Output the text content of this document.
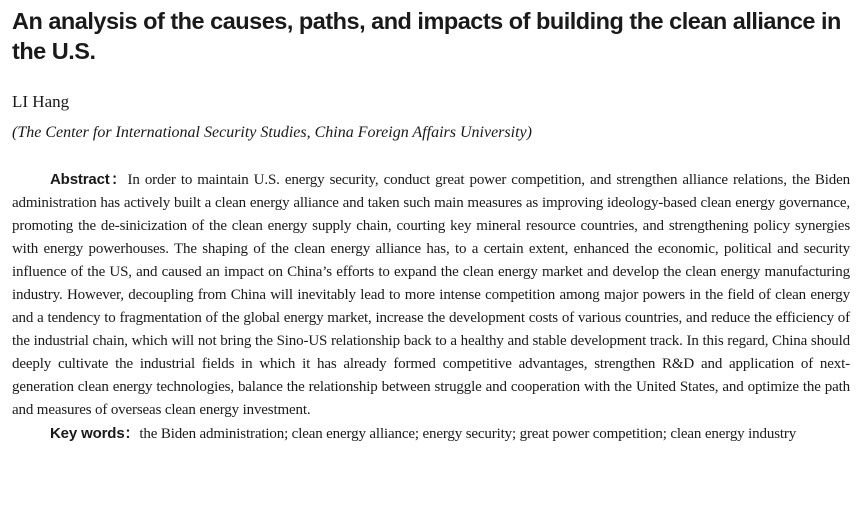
An analysis of the causes, paths, and impacts of building the clean alliance in the U.S.
LI Hang
(The Center for International Security Studies, China Foreign Affairs University)

Abstract：In order to maintain U.S. energy security, conduct great power competition, and strengthen alliance relations, the Biden administration has actively built a clean energy alliance and taken such main measures as improving ideology-based clean energy governance, promoting the de-sinicization of the clean energy supply chain, courting key mineral resource countries, and strengthening policy synergies with energy powerhouses. The shaping of the clean energy alliance has, to a certain extent, enhanced the economic, political and security influence of the US, and caused an impact on China’s efforts to expand the clean energy market and develop the clean energy manufacturing industry. However, decoupling from China will inevitably lead to more intense competition among major powers in the field of clean energy and a tendency to fragmentation of the global energy market, increase the development costs of various countries, and reduce the efficiency of the industrial chain, which will not bring the Sino-US relationship back to a healthy and stable development track. In this regard, China should deeply cultivate the industrial fields in which it has already formed competitive advantages, strengthen R&D and application of next-generation clean energy technologies, balance the relationship between struggle and cooperation with the United States, and optimize the path and measures of overseas clean energy investment.

Key words：the Biden administration; clean energy alliance; energy security; great power competition; clean energy industry
